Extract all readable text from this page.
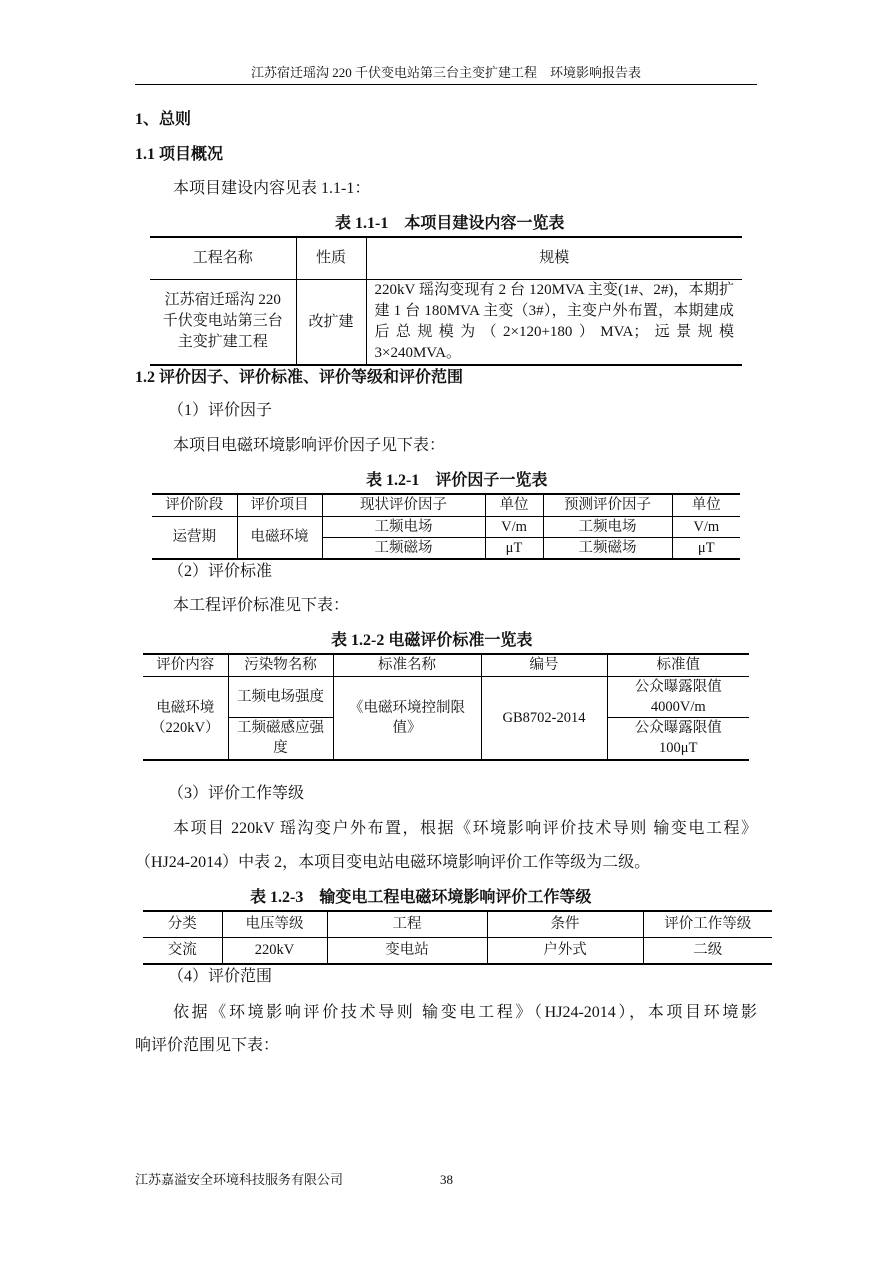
江苏宿迁瑶沟 220 千伏变电站第三台主变扩建工程　环境影响报告表
1、总则
1.1 项目概况
本项目建设内容见表 1.1-1：
表 1.1-1　本项目建设内容一览表
工程名称	性质	规模
江苏宿迁瑶沟 220 千伏变电站第三台主变扩建工程	改扩建	220kV 瑶沟变现有 2 台 120MVA 主变(1#、2#)，本期扩建 1 台 180MVA 主变（3#），主变户外布置，本期建成后总规模为（2×120+180）MVA；远景规模 3×240MVA。
1.2 评价因子、评价标准、评价等级和评价范围
（1）评价因子
本项目电磁环境影响评价因子见下表：
表 1.2-1　评价因子一览表
评价阶段	评价项目	现状评价因子	单位	预测评价因子	单位
运营期	电磁环境	工频电场	V/m	工频电场	V/m
		工频磁场	μT	工频磁场	μT
（2）评价标准
本工程评价标准见下表：
表 1.2-2 电磁评价标准一览表
评价内容	污染物名称	标准名称	编号	标准值
电磁环境（220kV）	工频电场强度	《电磁环境控制限值》	GB8702-2014	公众曝露限值
4000V/m

	工频磁感应强度			公众曝露限值
100μT
（3）评价工作等级
本项目 220kV 瑶沟变户外布置，根据《环境影响评价技术导则 输变电工程》
（HJ24-2014）中表 2，本项目变电站电磁环境影响评价工作等级为二级。
表 1.2-3　输变电工程电磁环境影响评价工作等级
分类	电压等级	工程	条件	评价工作等级
交流	220kV	变电站	户外式	二级
（4）评价范围
依据《环境影响评价技术导则 输变电工程》（HJ24-2014），本项目环境影
响评价范围见下表：
江苏嘉溢安全环境科技服务有限公司	38
